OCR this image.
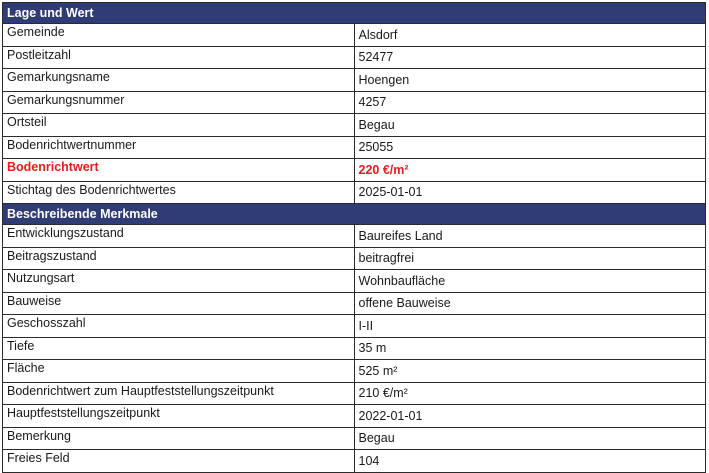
Lage und Wert	
Gemeinde	Alsdorf
Postleitzahl	52477
Gemarkungsname	Hoengen
Gemarkungsnummer	4257
Ortsteil	Begau
Bodenrichtwertnummer	25055
Bodenrichtwert	220 €/m²
Stichtag des Bodenrichtwertes	2025-01-01
Beschreibende Merkmale	
Entwicklungszustand	Baureifes Land
Beitragszustand	beitragfrei
Nutzungsart	Wohnbaufläche
Bauweise	offene Bauweise
Geschosszahl	I-II
Tiefe	35 m
Fläche	525 m²
Bodenrichtwert zum Hauptfeststellungszeitpunkt	210 €/m²
Hauptfeststellungszeitpunkt	2022-01-01
Bemerkung	Begau
Freies Feld	104
